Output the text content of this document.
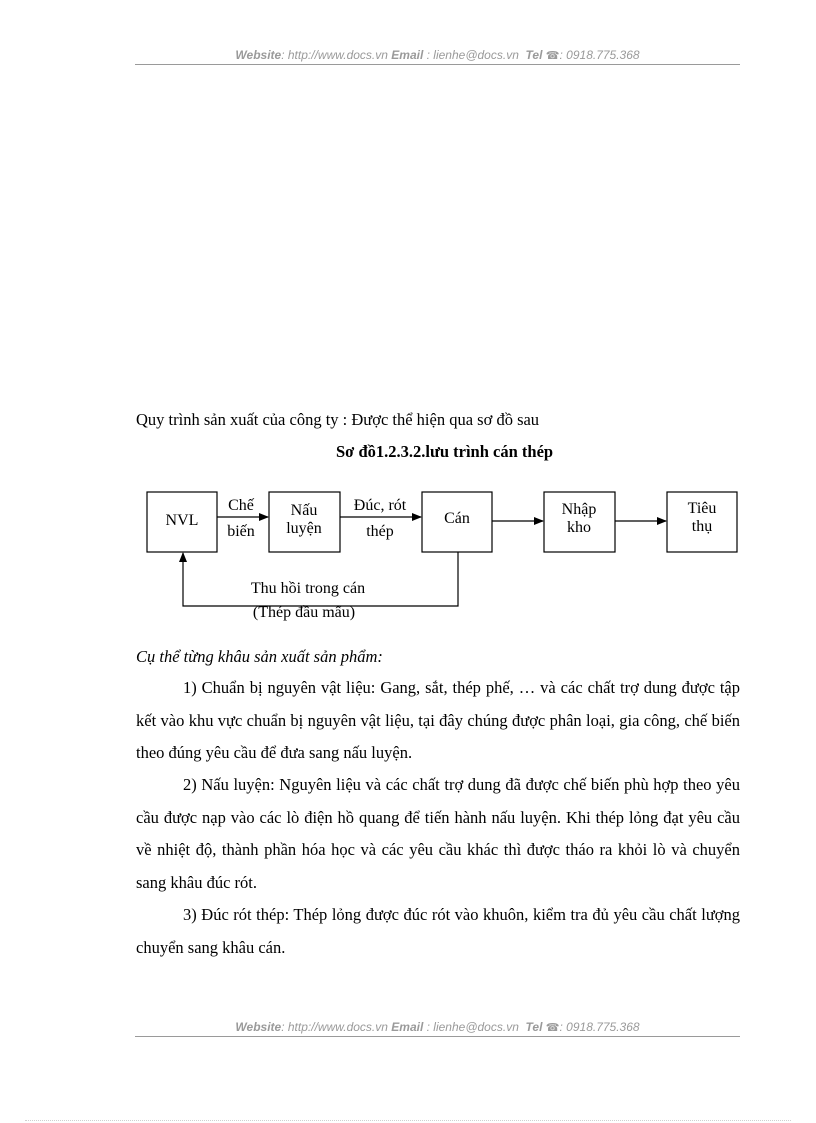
Website: http://www.docs.vn Email : lienhe@docs.vn Tel ☎: 0918.775.368
Quy trình sản xuất của công ty : Được thể hiện qua sơ đồ sau
Sơ đồ1.2.3.2.lưu trình cán thép
NVL
Nấu
luyện
Cán
Nhập
kho
Tiêu
thụ
Chế
biến
Đúc, rót
thép
Thu hồi trong cán
(Thép đầu mẩu)
Cụ thể từng khâu sản xuất sản phẩm:

1) Chuẩn bị nguyên vật liệu: Gang, sắt, thép phế, … và các chất trợ dung được tập kết vào khu vực chuẩn bị nguyên vật liệu, tại đây chúng được phân loại, gia công, chế biến theo đúng yêu cầu để đưa sang nấu luyện.

2) Nấu luyện: Nguyên liệu và các chất trợ dung đã được chế biến phù hợp theo yêu cầu được nạp vào các lò điện hồ quang để tiến hành nấu luyện. Khi thép lỏng đạt yêu cầu về nhiệt độ, thành phần hóa học và các yêu cầu khác thì được tháo ra khỏi lò và chuyển sang khâu đúc rót.

3) Đúc rót thép: Thép lỏng được đúc rót vào khuôn, kiểm tra đủ yêu cầu chất lượng chuyển sang khâu cán.

Website: http://www.docs.vn Email : lienhe@docs.vn Tel ☎: 0918.775.368
